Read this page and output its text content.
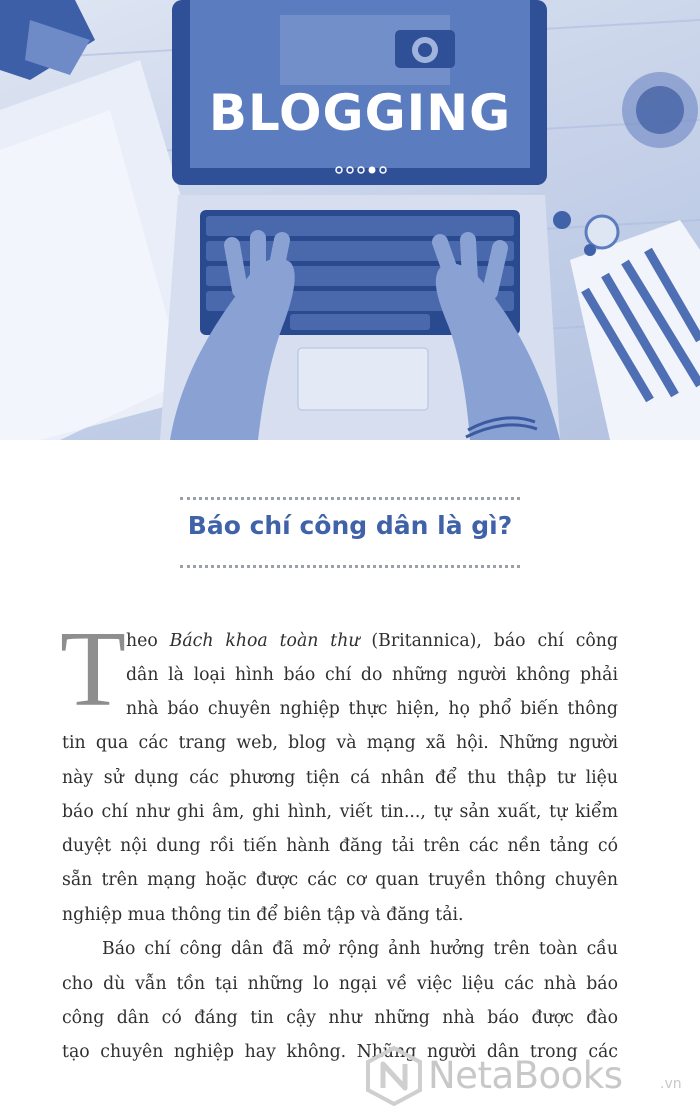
BLOGGING
Báo chí công dân là gì?
T heo Bách khoa toàn thư (Britannica), báo chí công
dân là loại hình báo chí do những người không phải
nhà báo chuyên nghiệp thực hiện, họ phổ biến thông
tin qua các trang web, blog và mạng xã hội. Những người
này sử dụng các phương tiện cá nhân để thu thập tư liệu
báo chí như ghi âm, ghi hình, viết tin..., tự sản xuất, tự kiểm
duyệt nội dung rồi tiến hành đăng tải trên các nền tảng có
sẵn trên mạng hoặc được các cơ quan truyền thông chuyên
nghiệp mua thông tin để biên tập và đăng tải.
Báo chí công dân đã mở rộng ảnh hưởng trên toàn cầu
cho dù vẫn tồn tại những lo ngại về việc liệu các nhà báo
công dân có đáng tin cậy như những nhà báo được đào
tạo chuyên nghiệp hay không. Những người dân trong các
NetaBooks	.vn
